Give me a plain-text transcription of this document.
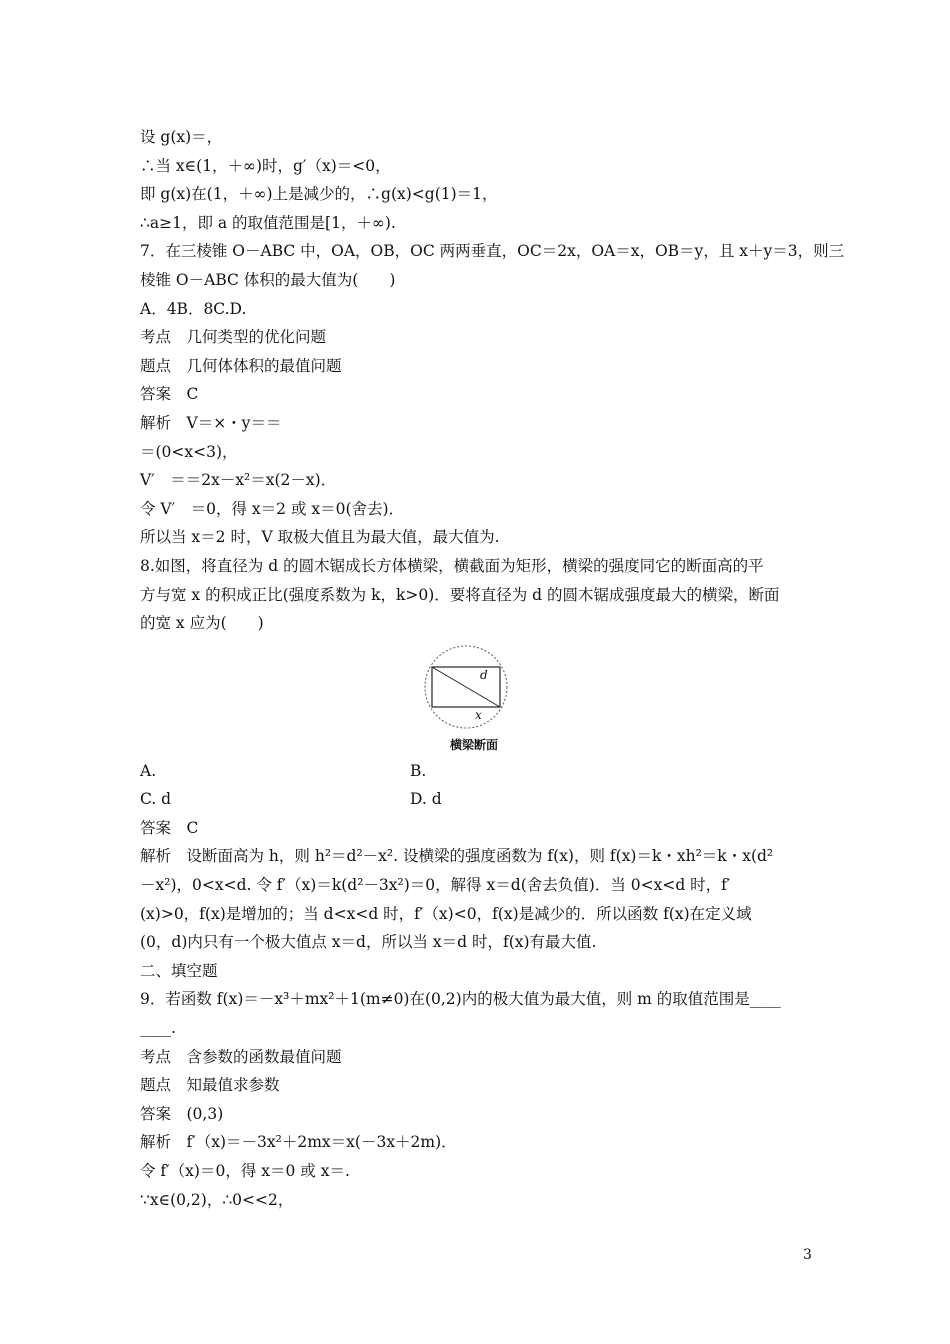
设 g(x)＝，
∴当 x∈(1，＋∞)时，g′（x)＝<0，
即 g(x)在(1，＋∞)上是减少的，∴g(x)<g(1)＝1，
∴a≥1，即 a 的取值范围是[1，＋∞).
7．在三棱锥 O－ABC 中，OA，OB，OC 两两垂直，OC＝2x，OA＝x，OB＝y，且 x＋y＝3，则三
棱锥 O－ABC 体积的最大值为(　　)
A．4B．8C.D.
考点　几何类型的优化问题
题点　几何体体积的最值问题
答案　C
解析　V＝×・y＝＝
＝(0<x<3)，
V′　＝＝2x－x²＝x(2－x)．
令 V′　＝0，得 x＝2 或 x＝0(舍去)．
所以当 x＝2 时，V 取极大值且为最大值，最大值为.
8.如图，将直径为 d 的圆木锯成长方体横梁，横截面为矩形，横梁的强度同它的断面高的平
方与宽 x 的积成正比(强度系数为 k，k>0)．要将直径为 d 的圆木锯成强度最大的横梁，断面
的宽 x 应为(　　)
d
x
横梁断面
A.	B.
C. d	D. d
答案　C
解析　设断面高为 h，则 h²＝d²－x². 设横梁的强度函数为 f(x)，则 f(x)＝k・xh²＝k・x(d²
－x²)，0<x<d. 令 f′（x)＝k(d²－3x²)＝0，解得 x＝d(舍去负值)．当 0<x<d 时，f′
(x)>0，f(x)是增加的；当 d<x<d 时，f′（x)<0，f(x)是减少的．所以函数 f(x)在定义域
(0，d)内只有一个极大值点 x＝d，所以当 x＝d 时，f(x)有最大值.
二、填空题
9．若函数 f(x)＝－x³＋mx²＋1(m≠0)在(0,2)内的极大值为最大值，则 m 的取值范围是____
____.
考点　含参数的函数最值问题
题点　知最值求参数
答案　(0,3)
解析　f′（x)＝－3x²＋2mx＝x(－3x＋2m)．
令 f′（x)＝0，得 x＝0 或 x＝.
∵x∈(0,2)，∴0<<2，
3
